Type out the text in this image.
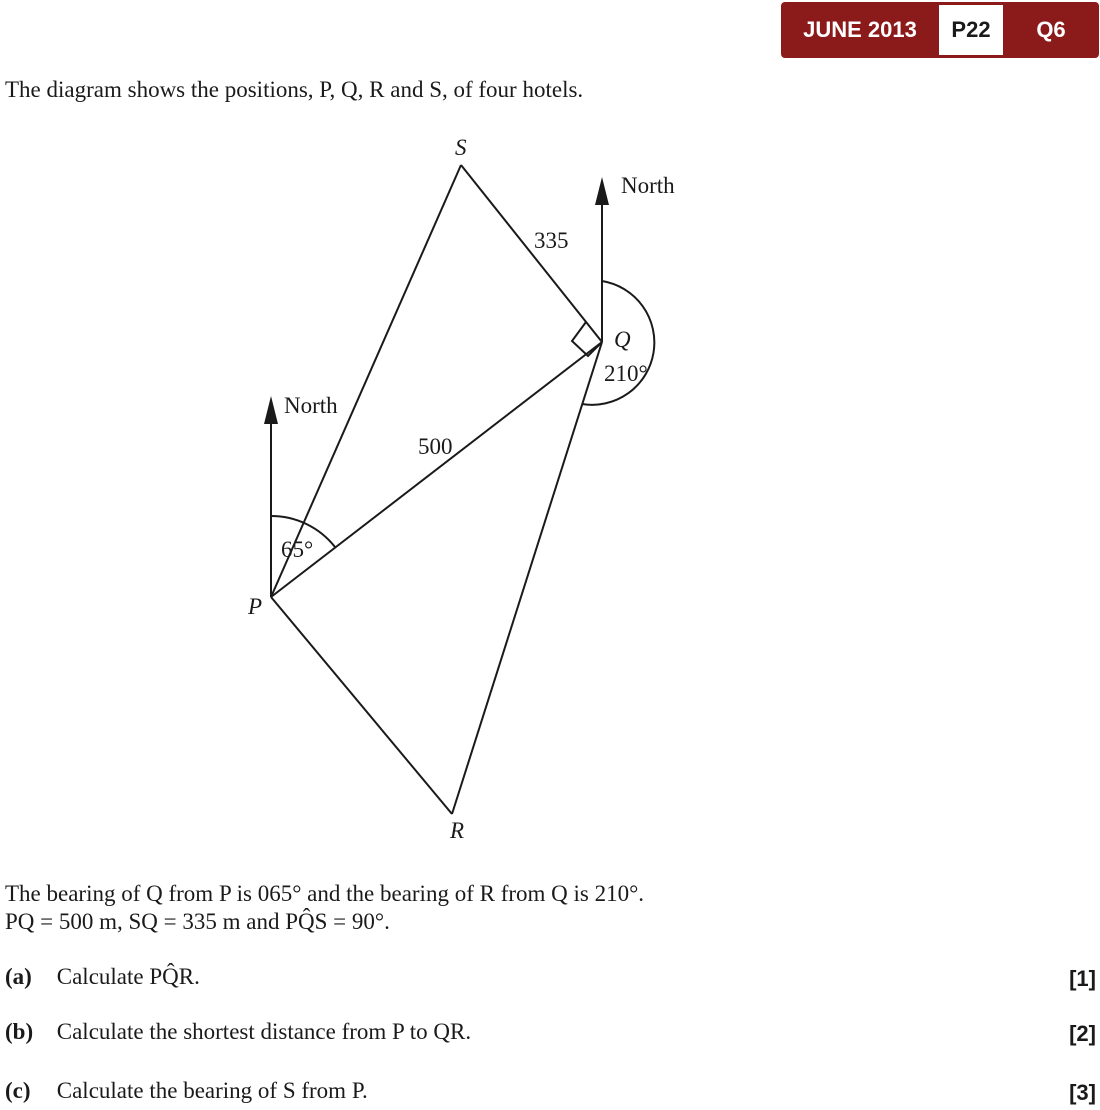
JUNE 2013	P22	Q6
The diagram shows the positions, P, Q, R and S, of four hotels.
S
Q
P
R
North
North
335
500
65°
210°
The bearing of Q from P is 065° and the bearing of R from Q is 210°.
PQ = 500 m, SQ = 335 m and PQ̂S = 90°.
(a) Calculate PQ̂R.	[1]
(b) Calculate the shortest distance from P to QR.	[2]
(c) Calculate the bearing of S from P.	[3]
